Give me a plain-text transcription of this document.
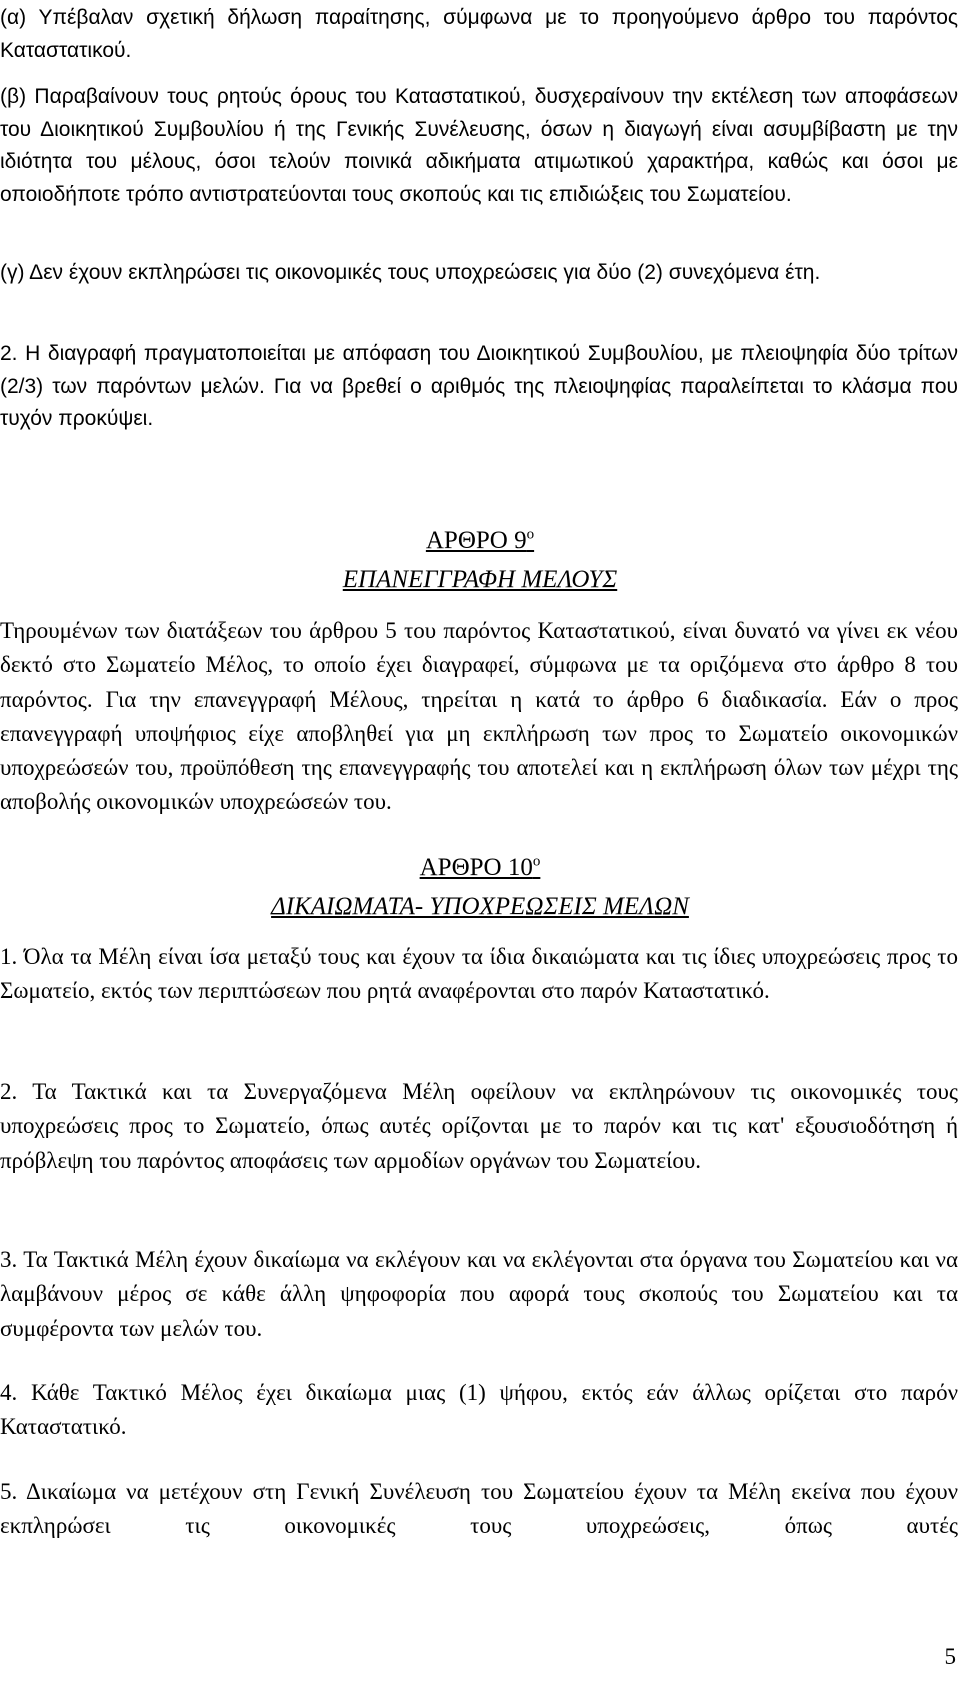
(α) Υπέβαλαν σχετική δήλωση παραίτησης, σύμφωνα με το προηγούμενο άρθρο του παρόντος Καταστατικού.

(β) Παραβαίνουν τους ρητούς όρους του Καταστατικού, δυσχεραίνουν την εκτέλεση των αποφάσεων του Διοικητικού Συμβουλίου ή της Γενικής Συνέλευσης, όσων η διαγωγή είναι ασυμβίβαστη με την ιδιότητα του μέλους, όσοι τελούν ποινικά αδικήματα ατιμωτικού χαρακτήρα, καθώς και όσοι με οποιοδήποτε τρόπο αντιστρατεύονται τους σκοπούς και τις επιδιώξεις του Σωματείου.

(γ) Δεν έχουν εκπληρώσει τις οικονομικές τους υποχρεώσεις για δύο (2) συνεχόμενα έτη.

2. Η διαγραφή πραγματοποιείται με απόφαση του Διοικητικού Συμβουλίου, με πλειοψηφία δύο τρίτων (2/3) των παρόντων μελών. Για να βρεθεί ο αριθμός της πλειοψηφίας παραλείπεται το κλάσμα που τυχόν προκύψει.

ΑΡΘΡΟ $9^o$
ΕΠΑΝΕΓΓΡΑΦΗ ΜΕΛΟΥΣ

Τηρουμένων των διατάξεων του άρθρου 5 του παρόντος Καταστατικού, είναι δυνατό να γίνει εκ νέου δεκτό στο Σωματείο Μέλος, το οποίο έχει διαγραφεί, σύμφωνα με τα οριζόμενα στο άρθρο 8 του παρόντος. Για την επανεγγραφή Μέλους, τηρείται η κατά το άρθρο 6 διαδικασία. Εάν ο προς επανεγγραφή υποψήφιος είχε αποβληθεί για μη εκπλήρωση των προς το Σωματείο οικονομικών υποχρεώσεών του, προϋπόθεση της επανεγγραφής του αποτελεί και η εκπλήρωση όλων των μέχρι της αποβολής οικονομικών υποχρεώσεών του.

ΑΡΘΡΟ $10^o$
ΔΙΚΑΙΩΜΑΤΑ- ΥΠΟΧΡΕΩΣΕΙΣ ΜΕΛΩΝ

1. Όλα τα Μέλη είναι ίσα μεταξύ τους και έχουν τα ίδια δικαιώματα και τις ίδιες υποχρεώσεις προς το Σωματείο, εκτός των περιπτώσεων που ρητά αναφέρονται στο παρόν Καταστατικό.

2. Τα Τακτικά και τα Συνεργαζόμενα Μέλη οφείλουν να εκπληρώνουν τις οικονομικές τους υποχρεώσεις προς το Σωματείο, όπως αυτές ορίζονται με το παρόν και τις κατ' εξουσιοδότηση ή πρόβλεψη του παρόντος αποφάσεις των αρμοδίων οργάνων του Σωματείου.

3. Τα Τακτικά Μέλη έχουν δικαίωμα να εκλέγουν και να εκλέγονται στα όργανα του Σωματείου και να λαμβάνουν μέρος σε κάθε άλλη ψηφοφορία που αφορά τους σκοπούς του Σωματείου και τα συμφέροντα των μελών του.

4. Κάθε Τακτικό Μέλος έχει δικαίωμα μιας (1) ψήφου, εκτός εάν άλλως ορίζεται στο παρόν Καταστατικό.

5. Δικαίωμα να μετέχουν στη Γενική Συνέλευση του Σωματείου έχουν τα Μέλη εκείνα που έχουν εκπληρώσει τις οικονομικές τους υποχρεώσεις, όπως αυτές

5
